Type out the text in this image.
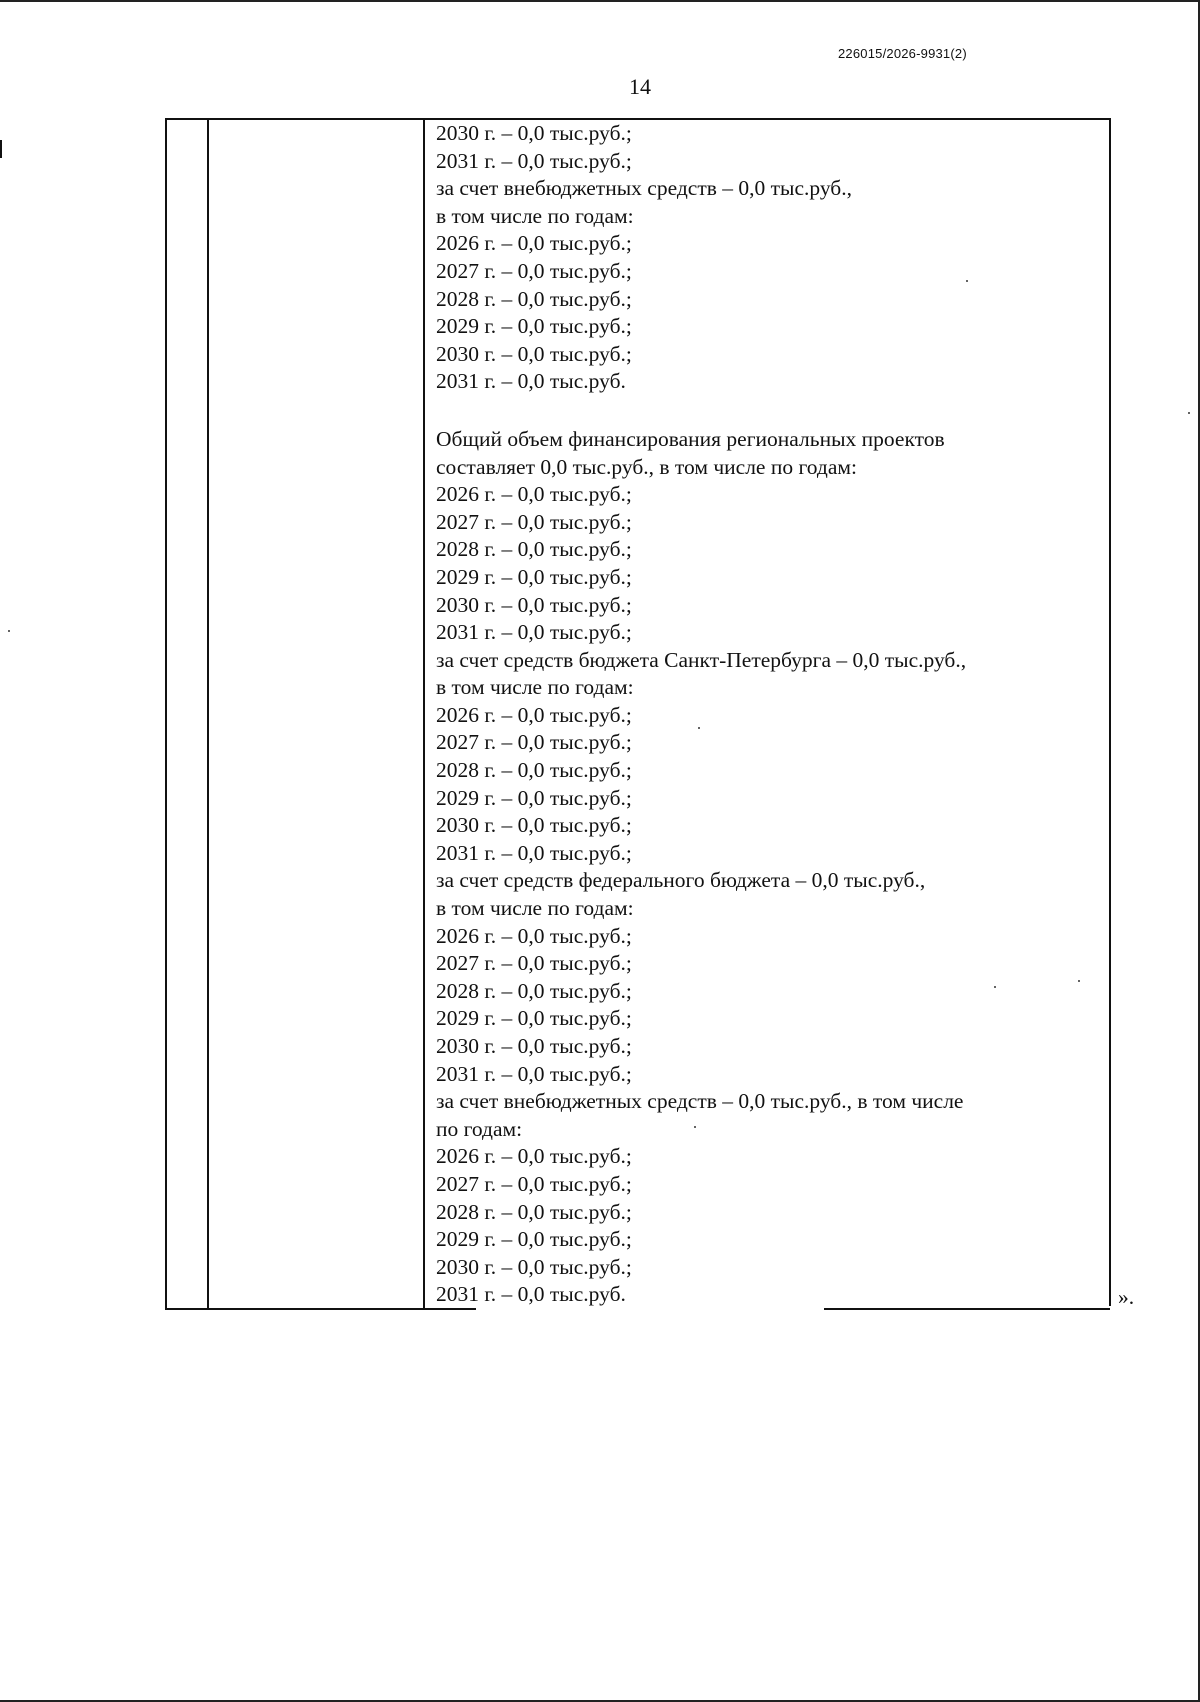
226015/2026-9931(2)
14
2030 г. – 0,0 тыс.руб.;
2031 г. – 0,0 тыс.руб.;
за счет внебюджетных средств – 0,0 тыс.руб.,
в том числе по годам:
2026 г. – 0,0 тыс.руб.;
2027 г. – 0,0 тыс.руб.;
2028 г. – 0,0 тыс.руб.;
2029 г. – 0,0 тыс.руб.;
2030 г. – 0,0 тыс.руб.;
2031 г. – 0,0 тыс.руб.
Общий объем финансирования региональных проектов
составляет 0,0 тыс.руб., в том числе по годам:
2026 г. – 0,0 тыс.руб.;
2027 г. – 0,0 тыс.руб.;
2028 г. – 0,0 тыс.руб.;
2029 г. – 0,0 тыс.руб.;
2030 г. – 0,0 тыс.руб.;
2031 г. – 0,0 тыс.руб.;
за счет средств бюджета Санкт-Петербурга – 0,0 тыс.руб.,
в том числе по годам:
2026 г. – 0,0 тыс.руб.;
2027 г. – 0,0 тыс.руб.;
2028 г. – 0,0 тыс.руб.;
2029 г. – 0,0 тыс.руб.;
2030 г. – 0,0 тыс.руб.;
2031 г. – 0,0 тыс.руб.;
за счет средств федерального бюджета – 0,0 тыс.руб.,
в том числе по годам:
2026 г. – 0,0 тыс.руб.;
2027 г. – 0,0 тыс.руб.;
2028 г. – 0,0 тыс.руб.;
2029 г. – 0,0 тыс.руб.;
2030 г. – 0,0 тыс.руб.;
2031 г. – 0,0 тыс.руб.;
за счет внебюджетных средств – 0,0 тыс.руб., в том числе
по годам:
2026 г. – 0,0 тыс.руб.;
2027 г. – 0,0 тыс.руб.;
2028 г. – 0,0 тыс.руб.;
2029 г. – 0,0 тыс.руб.;
2030 г. – 0,0 тыс.руб.;
2031 г. – 0,0 тыс.руб.	».
